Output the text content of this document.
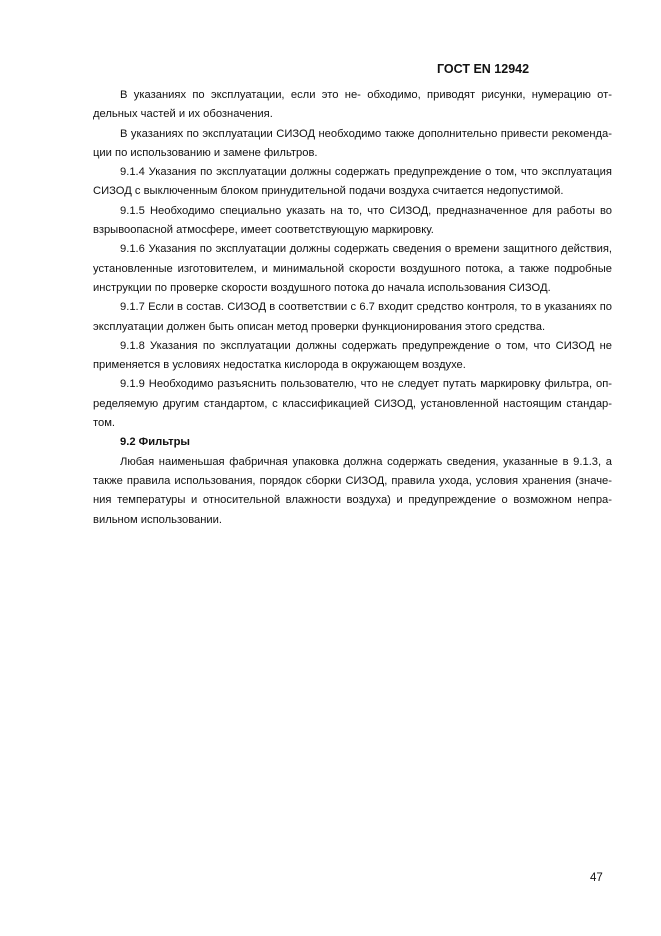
ГОСТ EN 12942

В указаниях по эксплуатации, если это не- обходимо, приводят рисунки, нумерацию от-дельных частей и их обозначения.

В указаниях по эксплуатации СИЗОД необходимо также дополнительно привести рекоменда-ции по использованию и замене фильтров.

9.1.4 Указания по эксплуатации должны содержать предупреждение о том, что эксплуатация СИЗОД с выключенным блоком принудительной подачи воздуха считается недопустимой.

9.1.5 Необходимо специально указать на то, что СИЗОД, предназначенное для работы во взрывоопасной атмосфере, имеет соответствующую маркировку.

9.1.6 Указания по эксплуатации должны содержать сведения о времени защитного действия, установленные изготовителем, и минимальной скорости воздушного потока, а также подробные инструкции по проверке скорости воздушного потока до начала использования СИЗОД.

9.1.7 Если в состав. СИЗОД в соответствии с 6.7 входит средство контроля, то в указаниях по эксплуатации должен быть описан метод проверки функционирования этого средства.

9.1.8 Указания по эксплуатации должны содержать предупреждение о том, что СИЗОД не применяется в условиях недостатка кислорода в окружающем воздухе.

9.1.9 Необходимо разъяснить пользователю, что не следует путать маркировку фильтра, оп-ределяемую другим стандартом, с классификацией СИЗОД, установленной настоящим стандар-том.

9.2 Фильтры

Любая наименьшая фабричная упаковка должна содержать сведения, указанные в 9.1.3, а также правила использования, порядок сборки СИЗОД, правила ухода, условия хранения (значе-ния температуры и относительной влажности воздуха) и предупреждение о возможном непра-вильном использовании.

47
